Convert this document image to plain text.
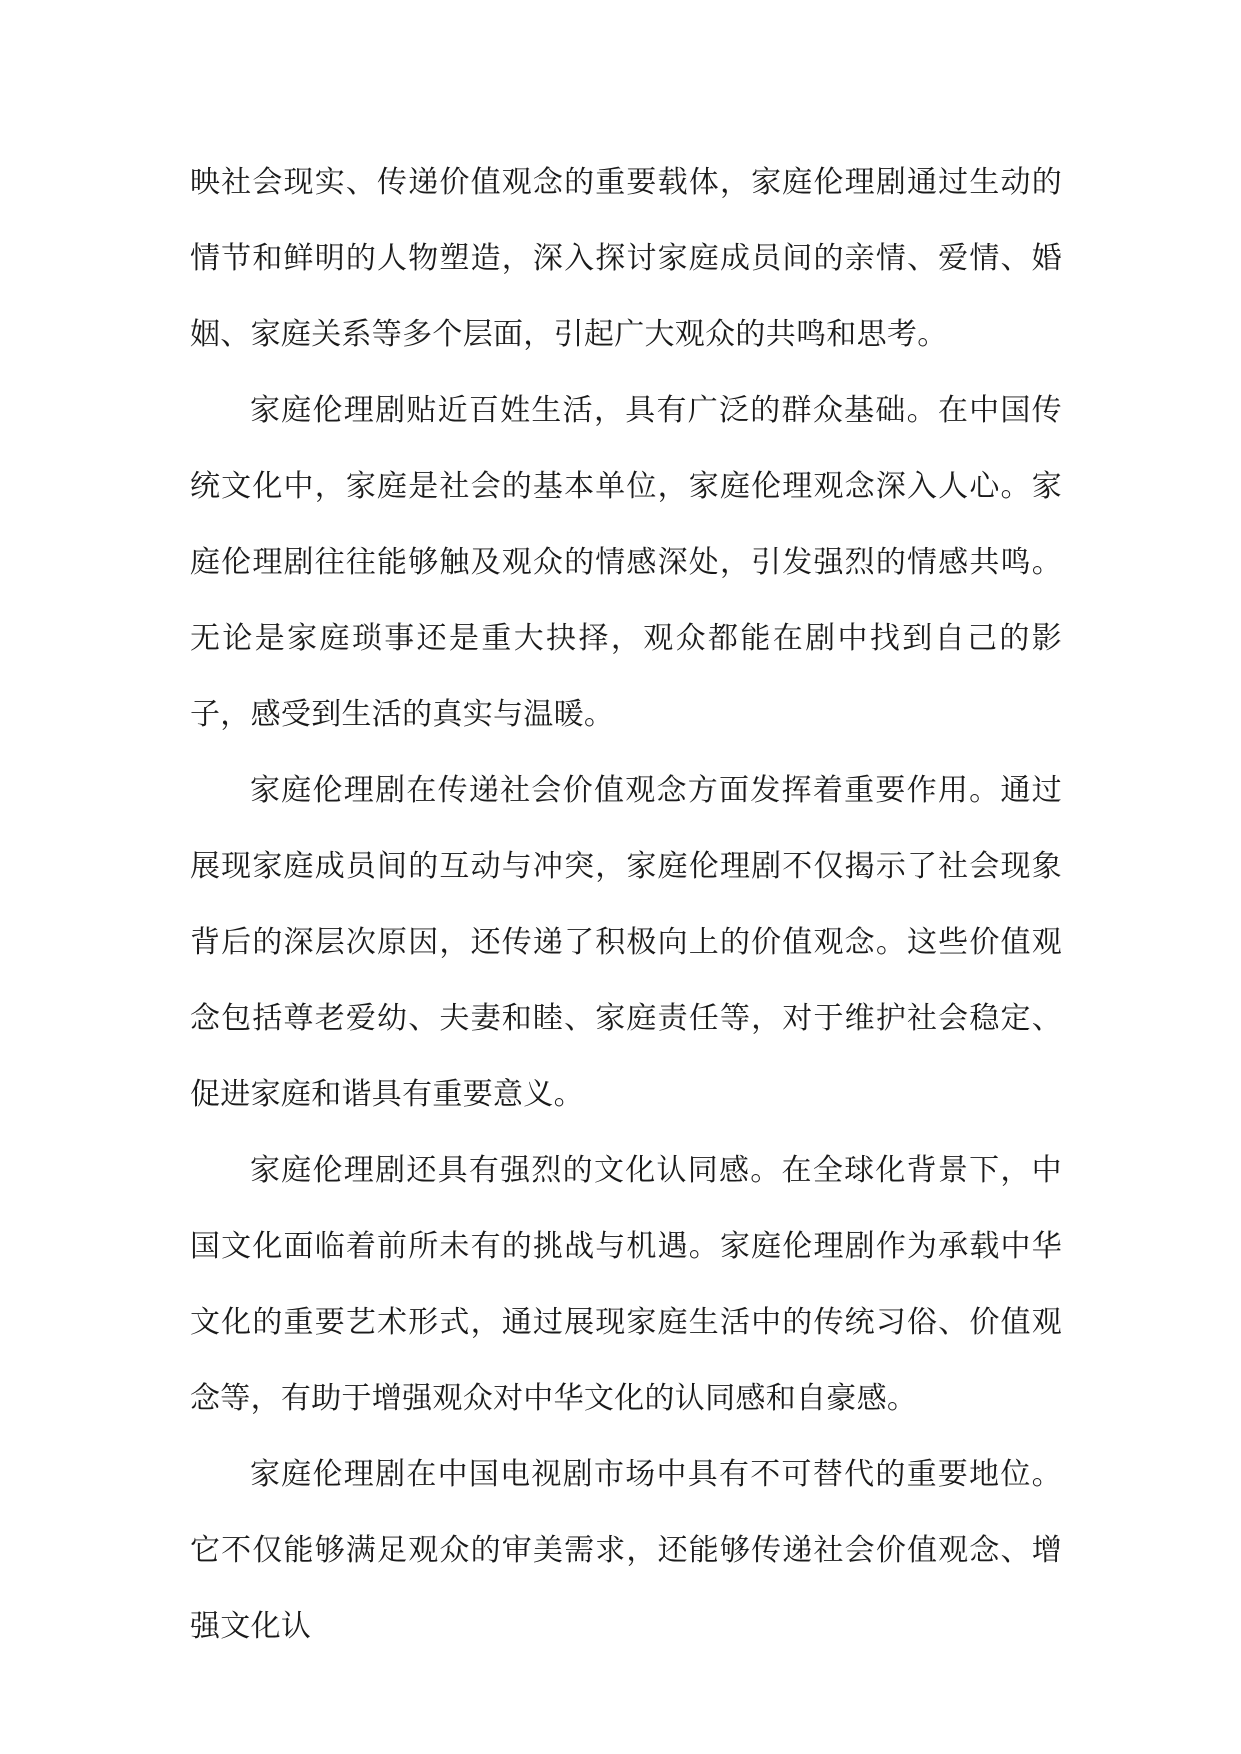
映社会现实、传递价值观念的重要载体，家庭伦理剧通过生动的情节和鲜明的人物塑造，深入探讨家庭成员间的亲情、爱情、婚姻、家庭关系等多个层面，引起广大观众的共鸣和思考。

家庭伦理剧贴近百姓生活，具有广泛的群众基础。在中国传统文化中，家庭是社会的基本单位，家庭伦理观念深入人心。家庭伦理剧往往能够触及观众的情感深处，引发强烈的情感共鸣。无论是家庭琐事还是重大抉择，观众都能在剧中找到自己的影子，感受到生活的真实与温暖。

家庭伦理剧在传递社会价值观念方面发挥着重要作用。通过展现家庭成员间的互动与冲突，家庭伦理剧不仅揭示了社会现象背后的深层次原因，还传递了积极向上的价值观念。这些价值观念包括尊老爱幼、夫妻和睦、家庭责任等，对于维护社会稳定、促进家庭和谐具有重要意义。

家庭伦理剧还具有强烈的文化认同感。在全球化背景下，中国文化面临着前所未有的挑战与机遇。家庭伦理剧作为承载中华文化的重要艺术形式，通过展现家庭生活中的传统习俗、价值观念等，有助于增强观众对中华文化的认同感和自豪感。

家庭伦理剧在中国电视剧市场中具有不可替代的重要地位。它不仅能够满足观众的审美需求，还能够传递社会价值观念、增强文化认
